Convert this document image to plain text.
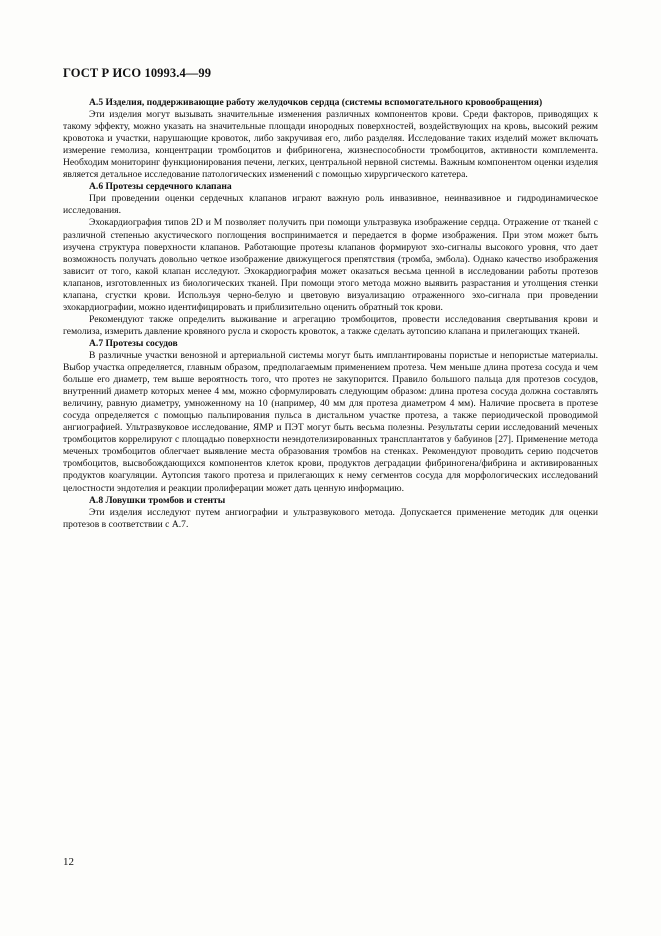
ГОСТ Р ИСО 10993.4—99
А.5 Изделия, поддерживающие работу желудочков сердца (системы вспомогательного кровообращения)

Эти изделия могут вызывать значительные изменения различных компонентов крови. Среди факторов, приводящих к такому эффекту, можно указать на значительные площади инородных поверхностей, воздействующих на кровь, высокий режим кровотока и участки, нарушающие кровоток, либо закручивая его, либо разделяя. Исследование таких изделий может включать измерение гемолиза, концентрации тромбоцитов и фибриногена, жизнеспособности тромбоцитов, активности комплемента. Необходим мониторинг функционирования печени, легких, центральной нервной системы. Важным компонентом оценки изделия является детальное исследование патологических изменений с помощью хирургического катетера.

А.6 Протезы сердечного клапана

При проведении оценки сердечных клапанов играют важную роль инвазивное, неинвазивное и гидродинамическое исследования.

Эхокардиография типов 2D и М позволяет получить при помощи ультразвука изображение сердца. Отражение от тканей с различной степенью акустического поглощения воспринимается и передается в форме изображения. При этом может быть изучена структура поверхности клапанов. Работающие протезы клапанов формируют эхо-сигналы высокого уровня, что дает возможность получать довольно четкое изображение движущегося препятствия (тромба, эмбола). Однако качество изображения зависит от того, какой клапан исследуют. Эхокардиография может оказаться весьма ценной в исследовании работы протезов клапанов, изготовленных из биологических тканей. При помощи этого метода можно выявить разрастания и утолщения стенки клапана, сгустки крови. Используя черно-белую и цветовую визуализацию отраженного эхо-сигнала при проведении эхокардиографии, можно идентифицировать и приблизительно оценить обратный ток крови.

Рекомендуют также определить выживание и агрегацию тромбоцитов, провести исследования свертывания крови и гемолиза, измерить давление кровяного русла и скорость кровоток, а также сделать аутопсию клапана и прилегающих тканей.

А.7 Протезы сосудов

В различные участки венозной и артериальной системы могут быть имплантированы пористые и непористые материалы. Выбор участка определяется, главным образом, предполагаемым применением протеза. Чем меньше длина протеза сосуда и чем больше его диаметр, тем выше вероятность того, что протез не закупорится. Правило большого пальца для протезов сосудов, внутренний диаметр которых менее 4 мм, можно сформулировать следующим образом: длина протеза сосуда должна составлять величину, равную диаметру, умноженному на 10 (например, 40 мм для протеза диаметром 4 мм). Наличие просвета в протезе сосуда определяется с помощью пальпирования пульса в дистальном участке протеза, а также периодической проводимой ангиографией. Ультразвуковое исследование, ЯМР и ПЭТ могут быть весьма полезны. Результаты серии исследований меченых тромбоцитов коррелируют с площадью поверхности неэндотелизированных трансплантатов у бабуинов [27]. Применение метода меченых тромбоцитов облегчает выявление места образования тромбов на стенках. Рекомендуют проводить серию подсчетов тромбоцитов, высвобождающихся компонентов клеток крови, продуктов деградации фибриногена/фибрина и активированных продуктов коагуляции. Аутопсия такого протеза и прилегающих к нему сегментов сосуда для морфологических исследований целостности эндотелия и реакции пролиферации может дать ценную информацию.

А.8 Ловушки тромбов и стенты

Эти изделия исследуют путем ангиографии и ультразвукового метода. Допускается применение методик для оценки протезов в соответствии с А.7.

12
